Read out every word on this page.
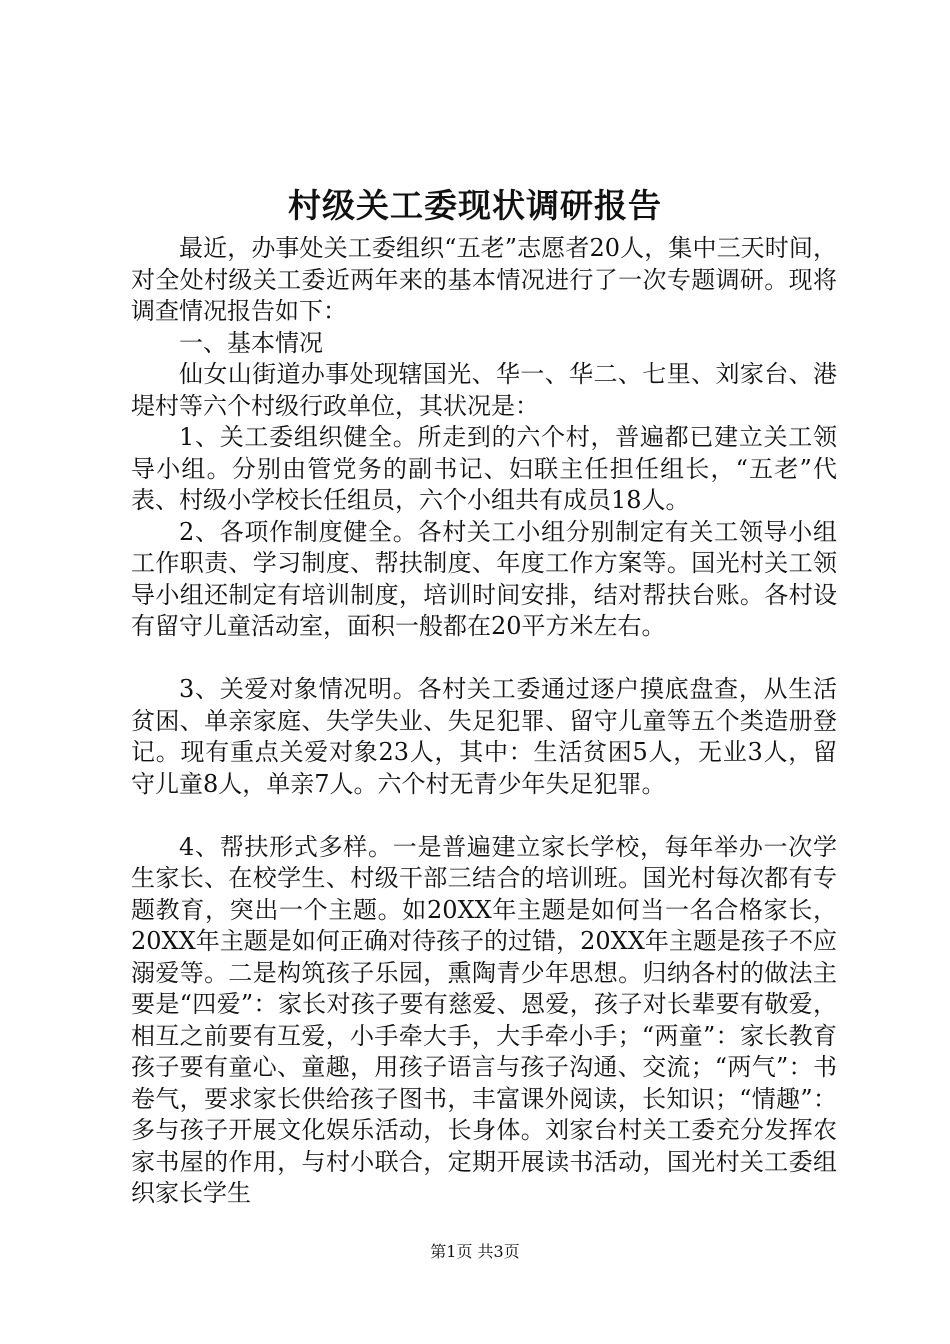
村级关工委现状调研报告

最近，办事处关工委组织“五老”志愿者20人，集中三天时间，对全处村级关工委近两年来的基本情况进行了一次专题调研。现将调查情况报告如下：

一、基本情况

仙女山街道办事处现辖国光、华一、华二、七里、刘家台、港堤村等六个村级行政单位，其状况是：

1、关工委组织健全。所走到的六个村，普遍都已建立关工领导小组。分别由管党务的副书记、妇联主任担任组长，“五老”代表、村级小学校长任组员，六个小组共有成员18人。

2、各项作制度健全。各村关工小组分别制定有关工领导小组工作职责、学习制度、帮扶制度、年度工作方案等。国光村关工领导小组还制定有培训制度，培训时间安排，结对帮扶台账。各村设有留守儿童活动室，面积一般都在20平方米左右。

3、关爱对象情况明。各村关工委通过逐户摸底盘查，从生活贫困、单亲家庭、失学失业、失足犯罪、留守儿童等五个类造册登记。现有重点关爱对象23人，其中：生活贫困5人，无业3人，留守儿童8人，单亲7人。六个村无青少年失足犯罪。

4、帮扶形式多样。一是普遍建立家长学校，每年举办一次学生家长、在校学生、村级干部三结合的培训班。国光村每次都有专题教育，突出一个主题。如20XX年主题是如何当一名合格家长，20XX年主题是如何正确对待孩子的过错，20XX年主题是孩子不应溺爱等。二是构筑孩子乐园，熏陶青少年思想。归纳各村的做法主要是“四爱”：家长对孩子要有慈爱、恩爱，孩子对长辈要有敬爱，相互之前要有互爱，小手牵大手，大手牵小手；“两童”：家长教育孩子要有童心、童趣，用孩子语言与孩子沟通、交流；“两气”：书卷气，要求家长供给孩子图书，丰富课外阅读，长知识；“情趣”：多与孩子开展文化娱乐活动，长身体。刘家台村关工委充分发挥农家书屋的作用，与村小联合，定期开展读书活动，国光村关工委组织家长学生

第1页 共3页
